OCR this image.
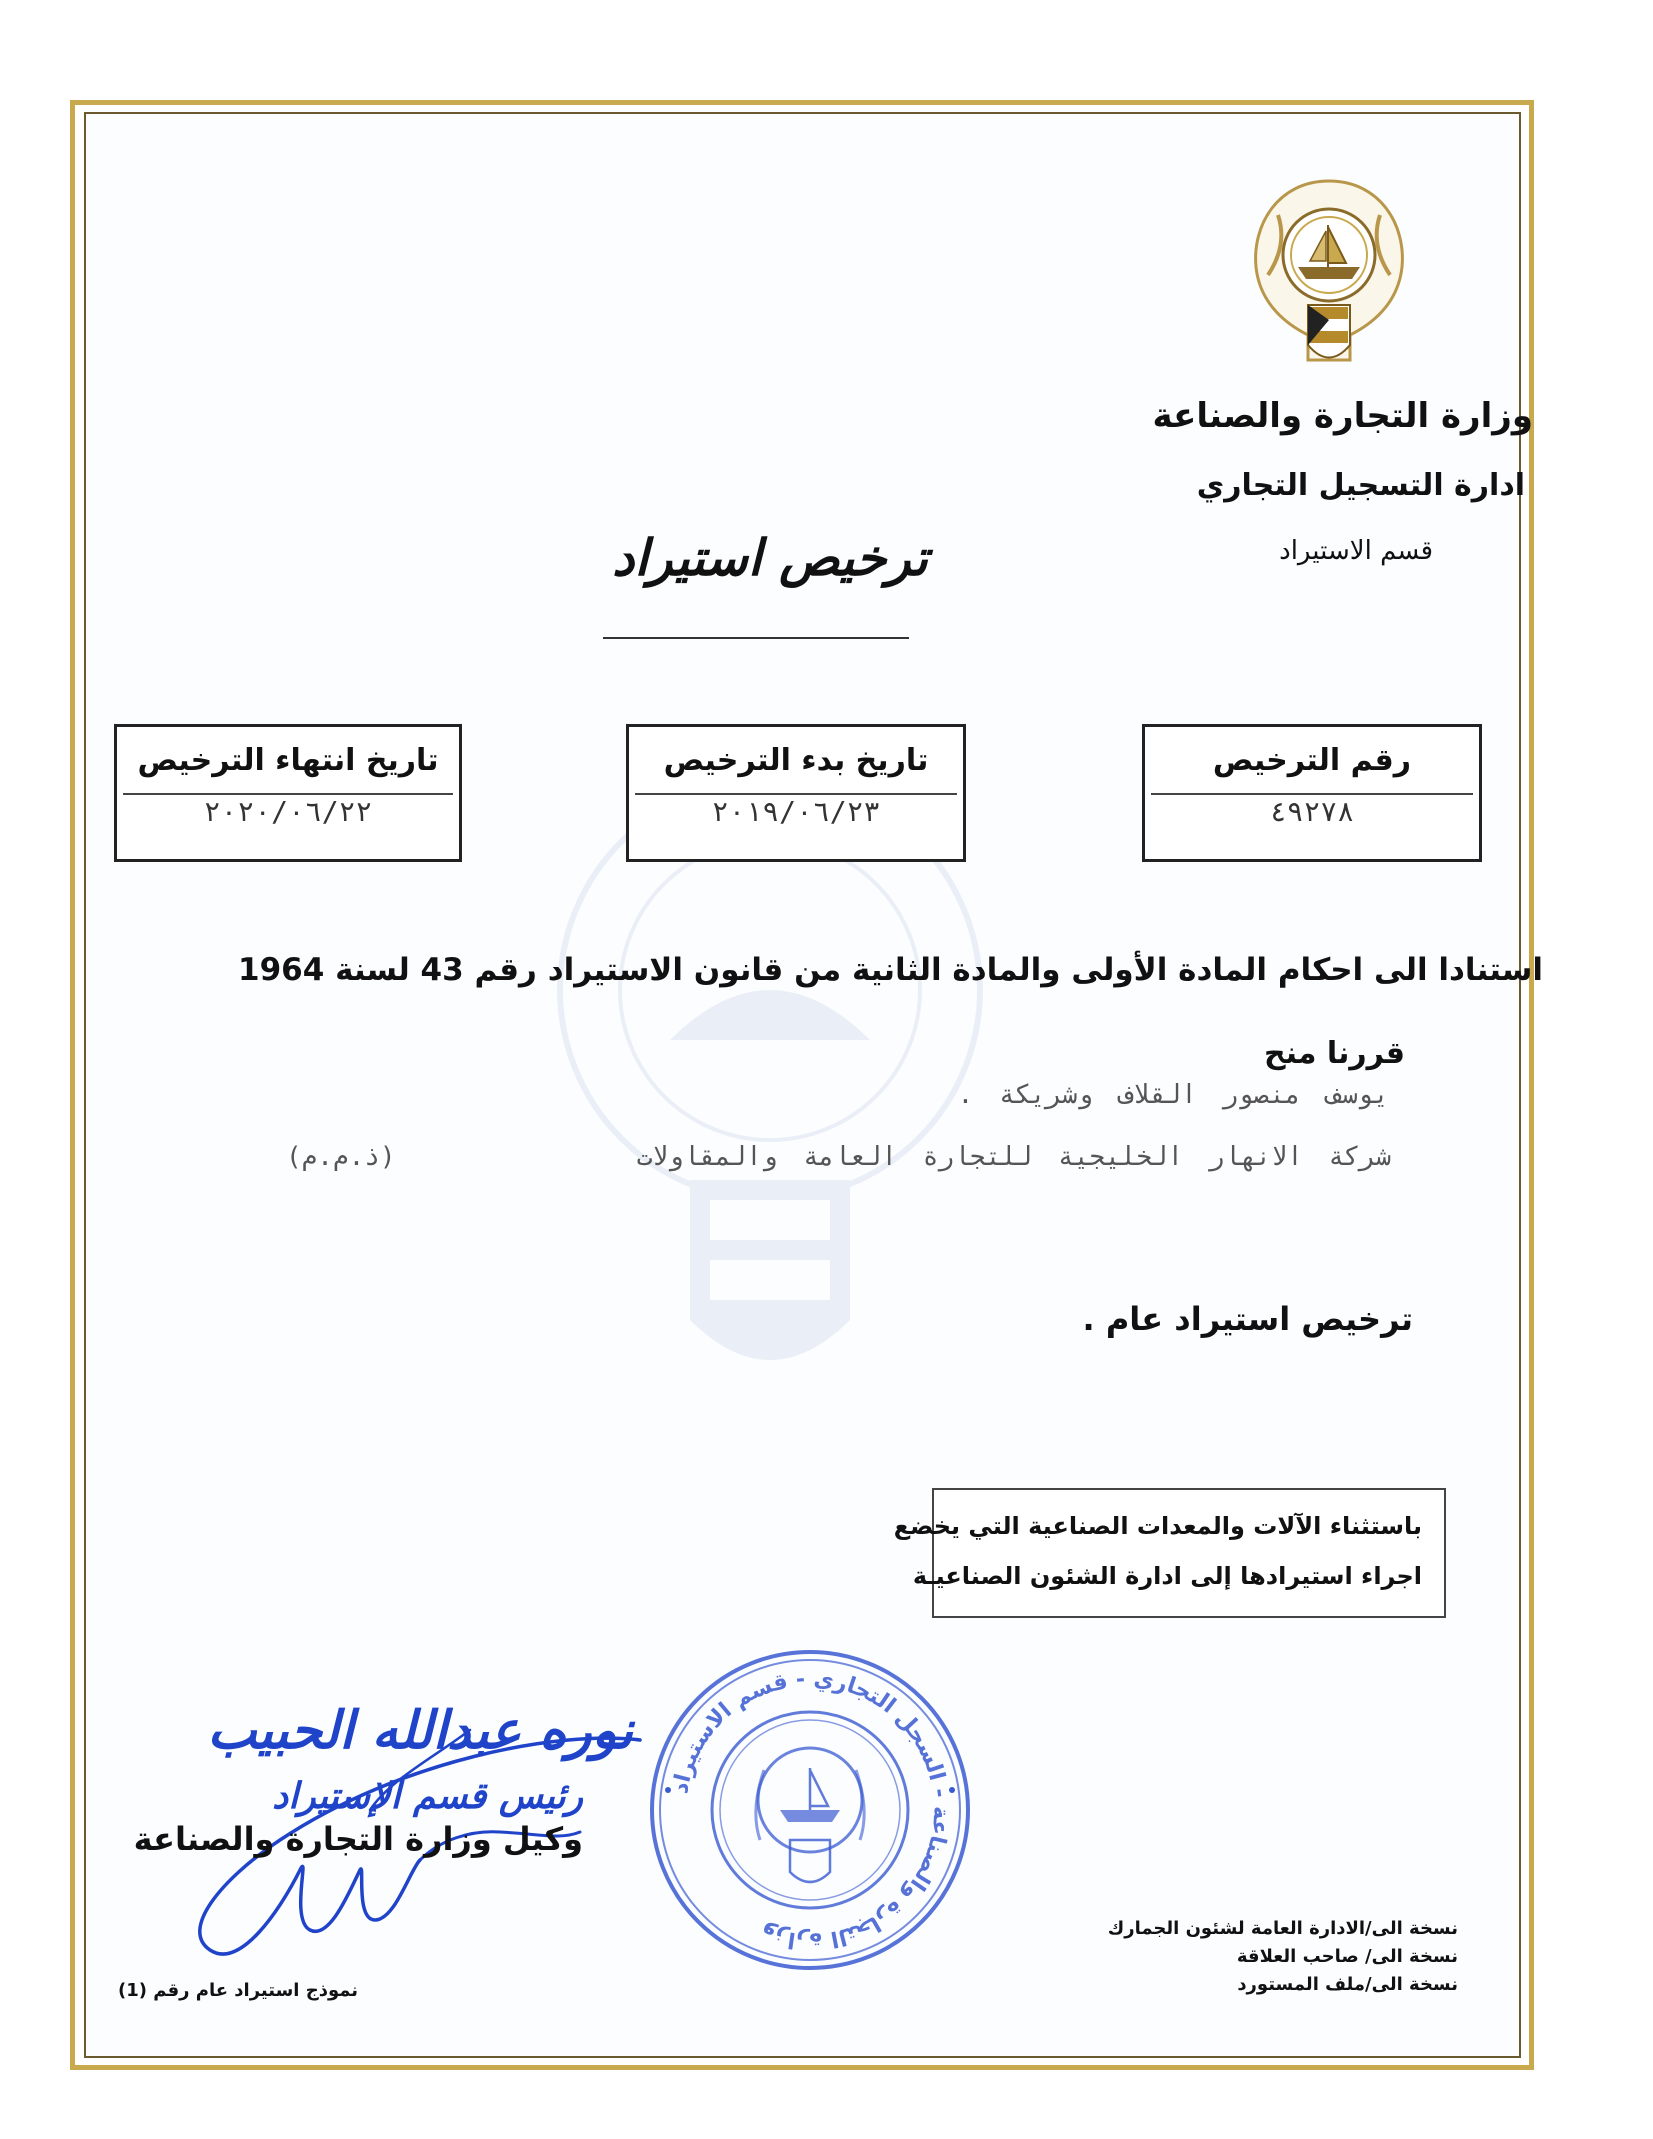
وزارة التجارة والصناعة
ادارة التسجيل التجاري
قسم الاستيراد
ترخيص استيراد
رقم الترخيص
٤٩٢٧٨
تاريخ بدء الترخيص
٢٠١٩/٠٦/٢٣
تاريخ انتهاء الترخيص
٢٠٢٠/٠٦/٢٢
استنادا الى احكام المادة الأولى والمادة الثانية من قانون الاستيراد رقم 43 لسنة 1964
قررنا منح
يوسف منصور القلاف وشريكة .
شركة الانهار الخليجية للتجارة العامة والمقاولات
(ذ.م.م)
ترخيص استيراد عام .
باستثناء الآلات والمعدات الصناعية التي يخضع
اجراء استيرادها إلى ادارة الشئون الصناعيـة
وزارة التجارة والصناعة - السجل التجاري - قسم الاستيراد
نوره عبدالله الحبيب
رئيس قسم الإستيراد
وكيل وزارة التجارة والصناعة
نسخة الى/الادارة العامة لشئون الجمارك
نسخة الى/ صاحب العلاقة
نسخة الى/ملف المستورد
نموذج استيراد عام رقم (1)
